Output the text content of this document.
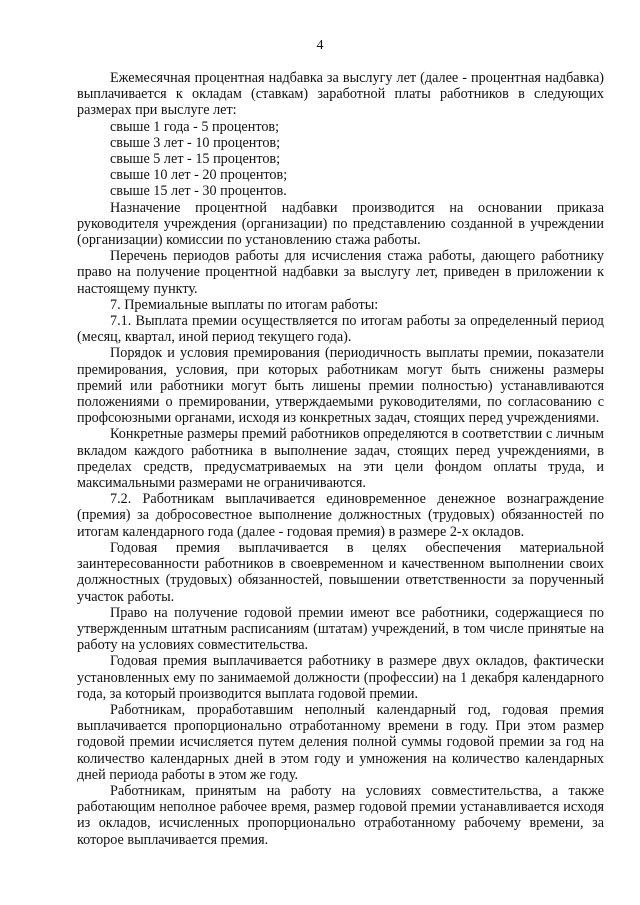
4

Ежемесячная процентная надбавка за выслугу лет (далее - процентная надбавка) выплачивается к окладам (ставкам) заработной платы работников в следующих размерах при выслуге лет:

свыше 1 года - 5 процентов;

свыше 3 лет - 10 процентов;

свыше 5 лет - 15 процентов;

свыше 10 лет - 20 процентов;

свыше 15 лет - 30 процентов.

Назначение процентной надбавки производится на основании приказа руководителя учреждения (организации) по представлению созданной в учреждении (организации) комиссии по установлению стажа работы.

Перечень периодов работы для исчисления стажа работы, дающего работнику право на получение процентной надбавки за выслугу лет, приведен в приложении к настоящему пункту.

7. Премиальные выплаты по итогам работы:

7.1. Выплата премии осуществляется по итогам работы за определенный период (месяц, квартал, иной период текущего года).

Порядок и условия премирования (периодичность выплаты премии, показатели премирования, условия, при которых работникам могут быть снижены размеры премий или работники могут быть лишены премии полностью) устанавливаются положениями о премировании, утверждаемыми руководителями, по согласованию с профсоюзными органами, исходя из конкретных задач, стоящих перед учреждениями.

Конкретные размеры премий работников определяются в соответствии с личным вкладом каждого работника в выполнение задач, стоящих перед учреждениями, в пределах средств, предусматриваемых на эти цели фондом оплаты труда, и максимальными размерами не ограничиваются.

7.2. Работникам выплачивается единовременное денежное вознаграждение (премия) за добросовестное выполнение должностных (трудовых) обязанностей по итогам календарного года (далее - годовая премия) в размере 2-х окладов.

Годовая премия выплачивается в целях обеспечения материальной заинтересованности работников в своевременном и качественном выполнении своих должностных (трудовых) обязанностей, повышении ответственности за порученный участок работы.

Право на получение годовой премии имеют все работники, содержащиеся по утвержденным штатным расписаниям (штатам) учреждений, в том числе принятые на работу на условиях совместительства.

Годовая премия выплачивается работнику в размере двух окладов, фактически установленных ему по занимаемой должности (профессии) на 1 декабря календарного года, за который производится выплата годовой премии.

Работникам, проработавшим неполный календарный год, годовая премия выплачивается пропорционально отработанному времени в году. При этом размер годовой премии исчисляется путем деления полной суммы годовой премии за год на количество календарных дней в этом году и умножения на количество календарных дней периода работы в этом же году.

Работникам, принятым на работу на условиях совместительства, а также работающим неполное рабочее время, размер годовой премии устанавливается исходя из окладов, исчисленных пропорционально отработанному рабочему времени, за которое выплачивается премия.
